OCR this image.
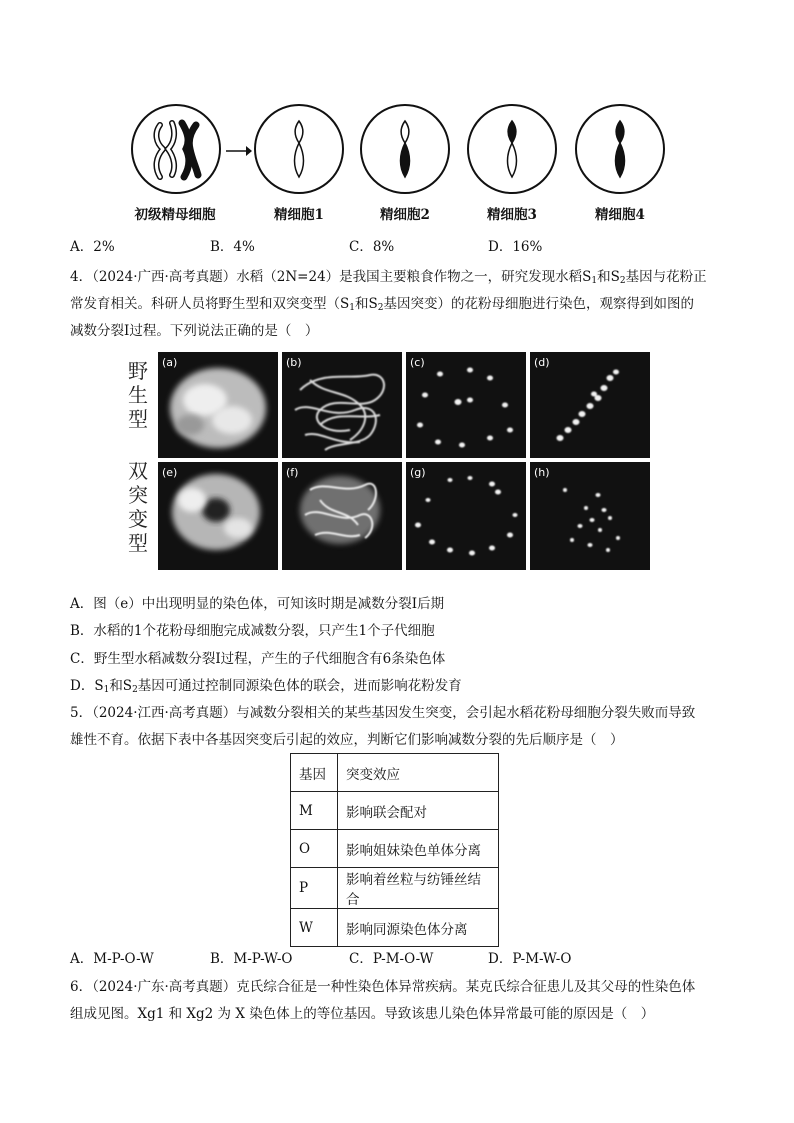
初级精母细胞	精细胞1	精细胞2	精细胞3	精细胞4
A．2%	B．4%	C．8%	D．16%
4．（2024·广西·高考真题）水稻（2N=24）是我国主要粮食作物之一，研究发现水稻$S_1$和$S_2$基因与花粉正
常发育相关。科研人员将野生型和双突变型（$S_1$和$S_2$基因突变）的花粉母细胞进行染色，观察得到如图的
减数分裂Ⅰ过程。下列说法正确的是（　）
野
生
型
双
突
变
型
(a)	(b)	(c)	(d)
(e)	(f)	(g)	(h)
A．图（e）中出现明显的染色体，可知该时期是减数分裂Ⅰ后期
B．水稻的1个花粉母细胞完成减数分裂，只产生1个子代细胞
C．野生型水稻减数分裂Ⅰ过程，产生的子代细胞含有6条染色体
D．$S_1$和$S_2$基因可通过控制同源染色体的联会，进而影响花粉发育
5．（2024·江西·高考真题）与减数分裂相关的某些基因发生突变，会引起水稻花粉母细胞分裂失败而导致
雄性不育。依据下表中各基因突变后引起的效应，判断它们影响减数分裂的先后顺序是（　）
基因	突变效应
M	影响联会配对
O	影响姐妹染色单体分离
P	影响着丝粒与纺锤丝结合
W	影响同源染色体分离
A．M-P-O-W	B．M-P-W-O	C．P-M-O-W	D．P-M-W-O
6．（2024·广东·高考真题）克氏综合征是一种性染色体异常疾病。某克氏综合征患儿及其父母的性染色体
组成见图。Xg1 和 Xg2 为 X 染色体上的等位基因。导致该患儿染色体异常最可能的原因是（　）
